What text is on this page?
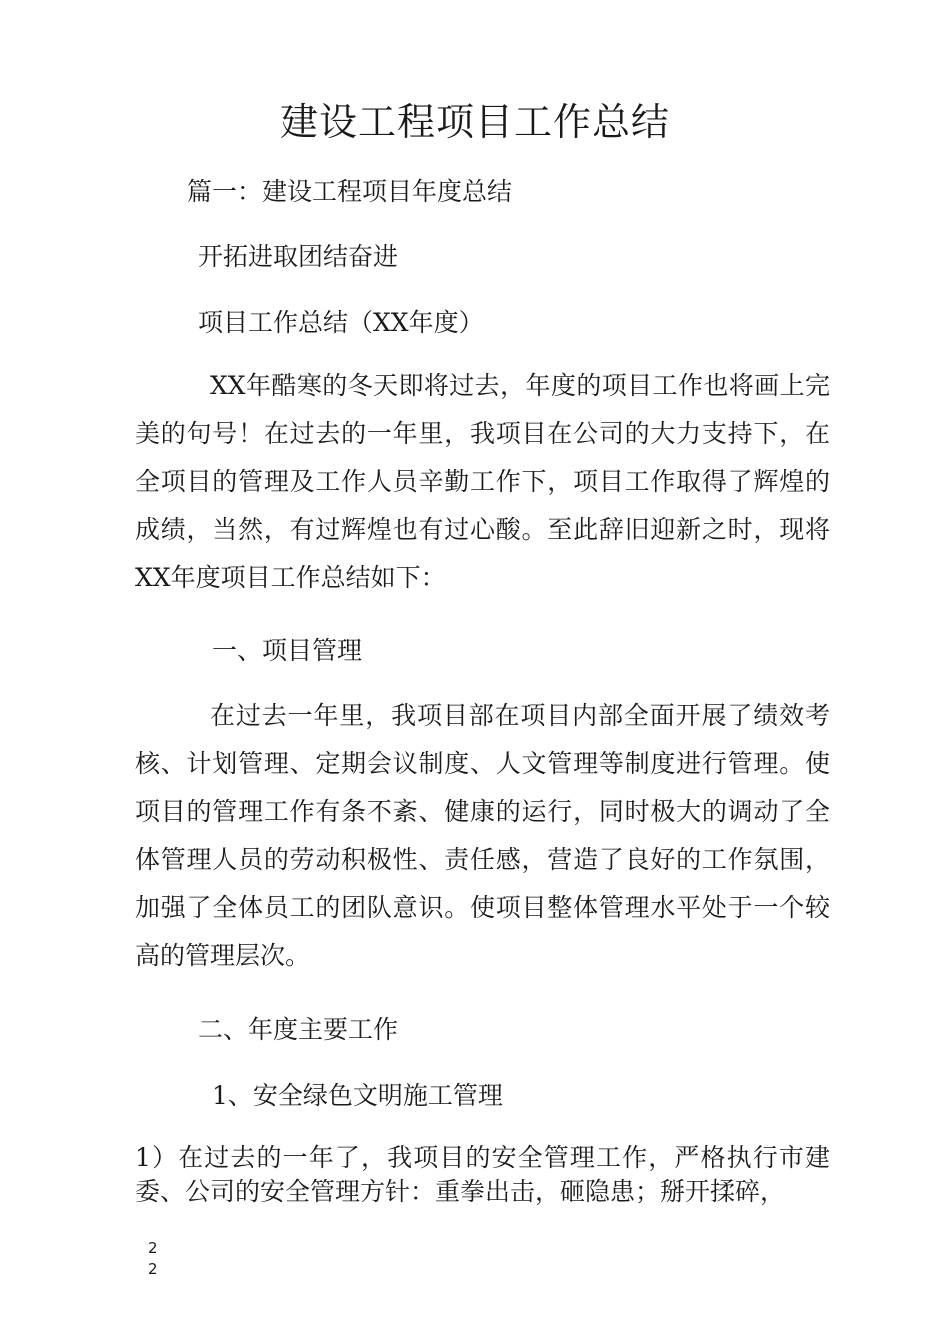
建设工程项目工作总结
篇一：建设工程项目年度总结
开拓进取团结奋进
项目工作总结（XX年度）
XX年酷寒的冬天即将过去，年度的项目工作也将画上完
美的句号！在过去的一年里，我项目在公司的大力支持下，在
全项目的管理及工作人员辛勤工作下，项目工作取得了辉煌的
成绩，当然，有过辉煌也有过心酸。至此辞旧迎新之时，现将
XX年度项目工作总结如下：
一、项目管理
在过去一年里，我项目部在项目内部全面开展了绩效考
核、计划管理、定期会议制度、人文管理等制度进行管理。使
项目的管理工作有条不紊、健康的运行，同时极大的调动了全
体管理人员的劳动积极性、责任感，营造了良好的工作氛围，
加强了全体员工的团队意识。使项目整体管理水平处于一个较
高的管理层次。
二、年度主要工作
1、安全绿色文明施工管理
1）在过去的一年了，我项目的安全管理工作，严格执行市建
委、公司的安全管理方针：重拳出击，砸隐患；掰开揉碎，
2
2
